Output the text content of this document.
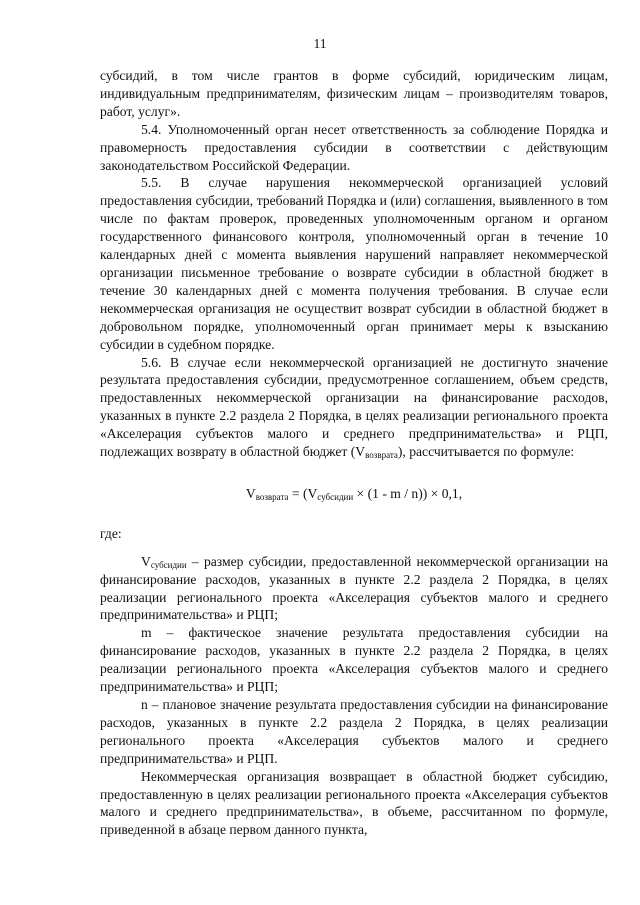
11

субсидий, в том числе грантов в форме субсидий, юридическим лицам, индивидуальным предпринимателям, физическим лицам – производителям товаров, работ, услуг».

5.4. Уполномоченный орган несет ответственность за соблюдение Порядка и правомерность предоставления субсидии в соответствии с действующим законодательством Российской Федерации.

5.5. В случае нарушения некоммерческой организацией условий предоставления субсидии, требований Порядка и (или) соглашения, выявленного в том числе по фактам проверок, проведенных уполномоченным органом и органом государственного финансового контроля, уполномоченный орган в течение 10 календарных дней с момента выявления нарушений направляет некоммерческой организации письменное требование о возврате субсидии в областной бюджет в течение 30 календарных дней с момента получения требования. В случае если некоммерческая организация не осуществит возврат субсидии в областной бюджет в добровольном порядке, уполномоченный орган принимает меры к взысканию субсидии в судебном порядке.

5.6. В случае если некоммерческой организацией не достигнуто значение результата предоставления субсидии, предусмотренное соглашением, объем средств, предоставленных некоммерческой организации на финансирование расходов, указанных в пункте 2.2 раздела 2 Порядка, в целях реализации регионального проекта «Акселерация субъектов малого и среднего предпринимательства» и РЦП, подлежащих возврату в областной бюджет $(V_{возврата})$, рассчитывается по формуле:

$V_{возврата} = (V_{субсидии} \times (1 - m / n)) \times 0,1$,

где:

$V_{субсидии}$ – размер субсидии, предоставленной некоммерческой организации на финансирование расходов, указанных в пункте 2.2 раздела 2 Порядка, в целях реализации регионального проекта «Акселерация субъектов малого и среднего предпринимательства» и РЦП;

m – фактическое значение результата предоставления субсидии на финансирование расходов, указанных в пункте 2.2 раздела 2 Порядка, в целях реализации регионального проекта «Акселерация субъектов малого и среднего предпринимательства» и РЦП;

n – плановое значение результата предоставления субсидии на финансирование расходов, указанных в пункте 2.2 раздела 2 Порядка, в целях реализации регионального проекта «Акселерация субъектов малого и среднего предпринимательства» и РЦП.

Некоммерческая организация возвращает в областной бюджет субсидию, предоставленную в целях реализации регионального проекта «Акселерация субъектов малого и среднего предпринимательства», в объеме, рассчитанном по формуле, приведенной в абзаце первом данного пункта,
